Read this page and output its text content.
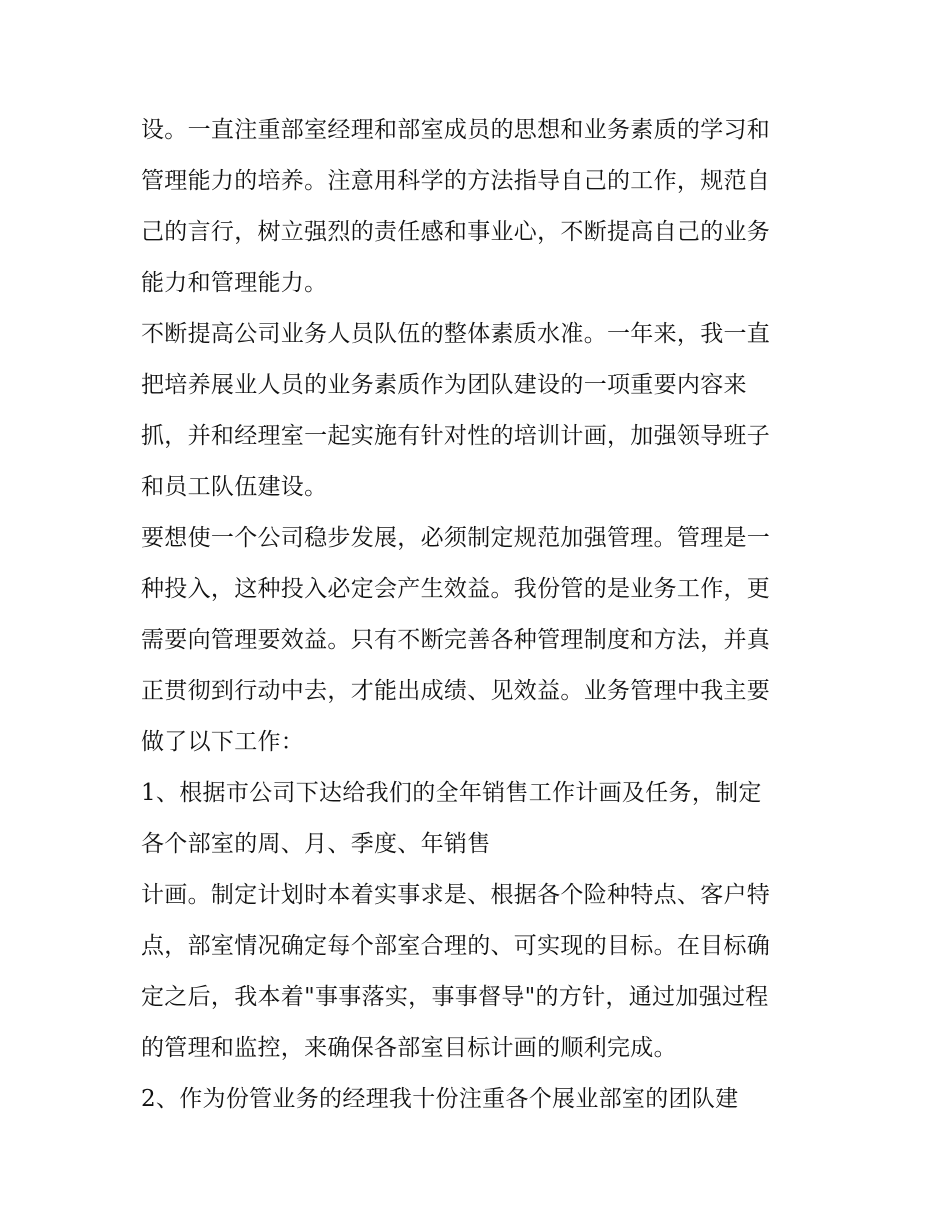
设。一直注重部室经理和部室成员的思想和业务素质的学习和
管理能力的培养。注意用科学的方法指导自己的工作，规范自
己的言行，树立强烈的责任感和事业心，不断提高自己的业务
能力和管理能力。
不断提高公司业务人员队伍的整体素质水准。一年来，我一直
把培养展业人员的业务素质作为团队建设的一项重要内容来
抓，并和经理室一起实施有针对性的培训计画，加强领导班子
和员工队伍建设。
要想使一个公司稳步发展，必须制定规范加强管理。管理是一
种投入，这种投入必定会产生效益。我份管的是业务工作，更
需要向管理要效益。只有不断完善各种管理制度和方法，并真
正贯彻到行动中去，才能出成绩、见效益。业务管理中我主要
做了以下工作：
1、根据市公司下达给我们的全年销售工作计画及任务，制定
各个部室的周、月、季度、年销售
计画。制定计划时本着实事求是、根据各个险种特点、客户特
点，部室情况确定每个部室合理的、可实现的目标。在目标确
定之后，我本着"事事落实，事事督导"的方针，通过加强过程
的管理和监控，来确保各部室目标计画的顺利完成。
2、作为份管业务的经理我十份注重各个展业部室的团队建
